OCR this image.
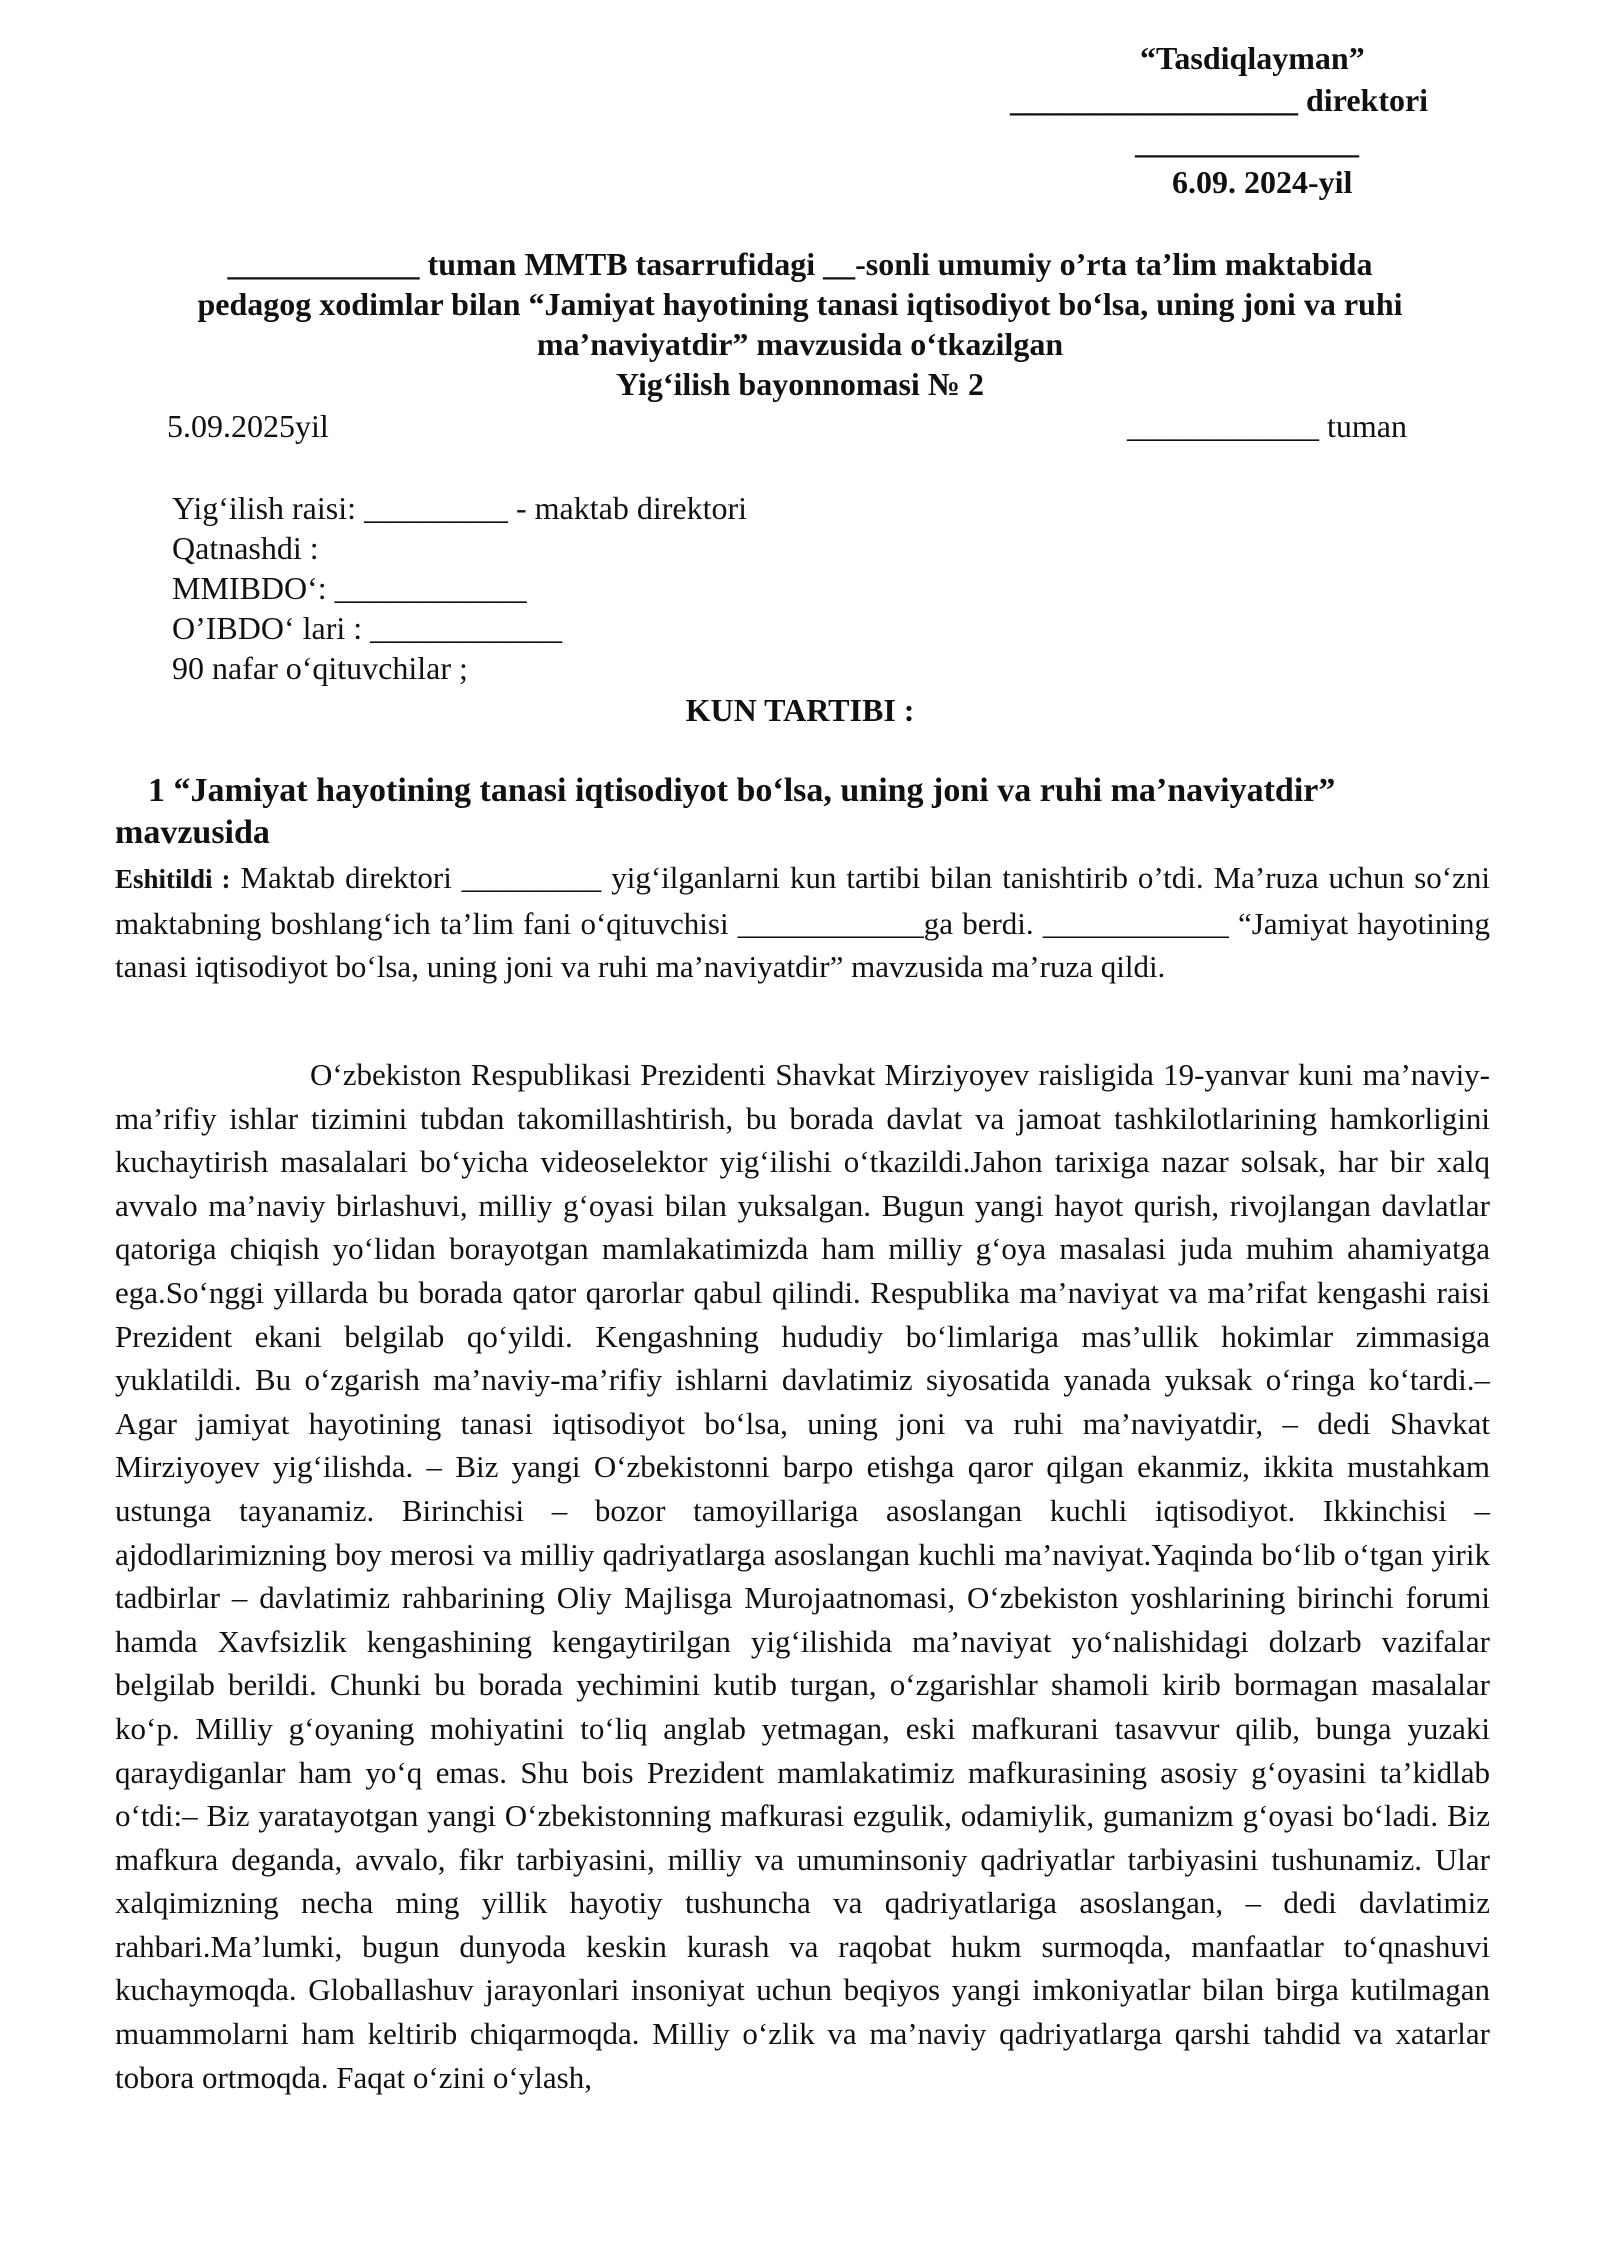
“Tasdiqlayman”
__________________ direktori
______________
6.09. 2024-yil
____________ tuman MMTB tasarrufidagi __-sonli umumiy o’rta ta’lim maktabida
pedagog xodimlar bilan “Jamiyat hayotining tanasi iqtisodiyot bo‘lsa, uning joni va ruhi
ma’naviyatdir” mavzusida o‘tkazilgan
Yig‘ilish bayonnomasi № 2
5.09.2025yil	____________ tuman
Yig‘ilish raisi: _________ - maktab direktori
Qatnashdi :
MMIBDO‘: ____________
O’IBDO‘ lari : ____________
90 nafar o‘qituvchilar ;
KUN TARTIBI :
1 “Jamiyat hayotining tanasi iqtisodiyot bo‘lsa, uning joni va ruhi ma’naviyatdir”
mavzusida

Eshitildi : Maktab direktori _________ yig‘ilganlarni kun tartibi bilan tanishtirib o’tdi. Ma’ruza uchun so‘zni maktabning boshlang‘ich ta’lim fani o‘qituvchisi ____________ga berdi. ____________ “Jamiyat hayotining tanasi iqtisodiyot bo‘lsa, uning joni va ruhi ma’naviyatdir” mavzusida ma’ruza qildi.

O‘zbekiston Respublikasi Prezidenti Shavkat Mirziyoyev raisligida 19-yanvar kuni ma’naviy-ma’rifiy ishlar tizimini tubdan takomillashtirish, bu borada davlat va jamoat tashkilotlarining hamkorligini kuchaytirish masalalari bo‘yicha videoselektor yig‘ilishi o‘tkazildi.Jahon tarixiga nazar solsak, har bir xalq avvalo ma’naviy birlashuvi, milliy g‘oyasi bilan yuksalgan. Bugun yangi hayot qurish, rivojlangan davlatlar qatoriga chiqish yo‘lidan borayotgan mamlakatimizda ham milliy g‘oya masalasi juda muhim ahamiyatga ega.So‘nggi yillarda bu borada qator qarorlar qabul qilindi. Respublika ma’naviyat va ma’rifat kengashi raisi Prezident ekani belgilab qo‘yildi. Kengashning hududiy bo‘limlariga mas’ullik hokimlar zimmasiga yuklatildi. Bu o‘zgarish ma’naviy-ma’rifiy ishlarni davlatimiz siyosatida yanada yuksak o‘ringa ko‘tardi.– Agar jamiyat hayotining tanasi iqtisodiyot bo‘lsa, uning joni va ruhi ma’naviyatdir, – dedi Shavkat Mirziyoyev yig‘ilishda. – Biz yangi O‘zbekistonni barpo etishga qaror qilgan ekanmiz, ikkita mustahkam ustunga tayanamiz. Birinchisi – bozor tamoyillariga asoslangan kuchli iqtisodiyot. Ikkinchisi – ajdodlarimizning boy merosi va milliy qadriyatlarga asoslangan kuchli ma’naviyat.Yaqinda bo‘lib o‘tgan yirik tadbirlar – davlatimiz rahbarining Oliy Majlisga Murojaatnomasi, O‘zbekiston yoshlarining birinchi forumi hamda Xavfsizlik kengashining kengaytirilgan yig‘ilishida ma’naviyat yo‘nalishidagi dolzarb vazifalar belgilab berildi. Chunki bu borada yechimini kutib turgan, o‘zgarishlar shamoli kirib bormagan masalalar ko‘p. Milliy g‘oyaning mohiyatini to‘liq anglab yetmagan, eski mafkurani tasavvur qilib, bunga yuzaki qaraydiganlar ham yo‘q emas. Shu bois Prezident mamlakatimiz mafkurasining asosiy g‘oyasini ta’kidlab o‘tdi:– Biz yaratayotgan yangi O‘zbekistonning mafkurasi ezgulik, odamiylik, gumanizm g‘oyasi bo‘ladi. Biz mafkura deganda, avvalo, fikr tarbiyasini, milliy va umuminsoniy qadriyatlar tarbiyasini tushunamiz. Ular xalqimizning necha ming yillik hayotiy tushuncha va qadriyatlariga asoslangan, – dedi davlatimiz rahbari.Ma’lumki, bugun dunyoda keskin kurash va raqobat hukm surmoqda, manfaatlar to‘qnashuvi kuchaymoqda. Globallashuv jarayonlari insoniyat uchun beqiyos yangi imkoniyatlar bilan birga kutilmagan muammolarni ham keltirib chiqarmoqda. Milliy o‘zlik va ma’naviy qadriyatlarga qarshi tahdid va xatarlar tobora ortmoqda. Faqat o‘zini o‘ylash,
